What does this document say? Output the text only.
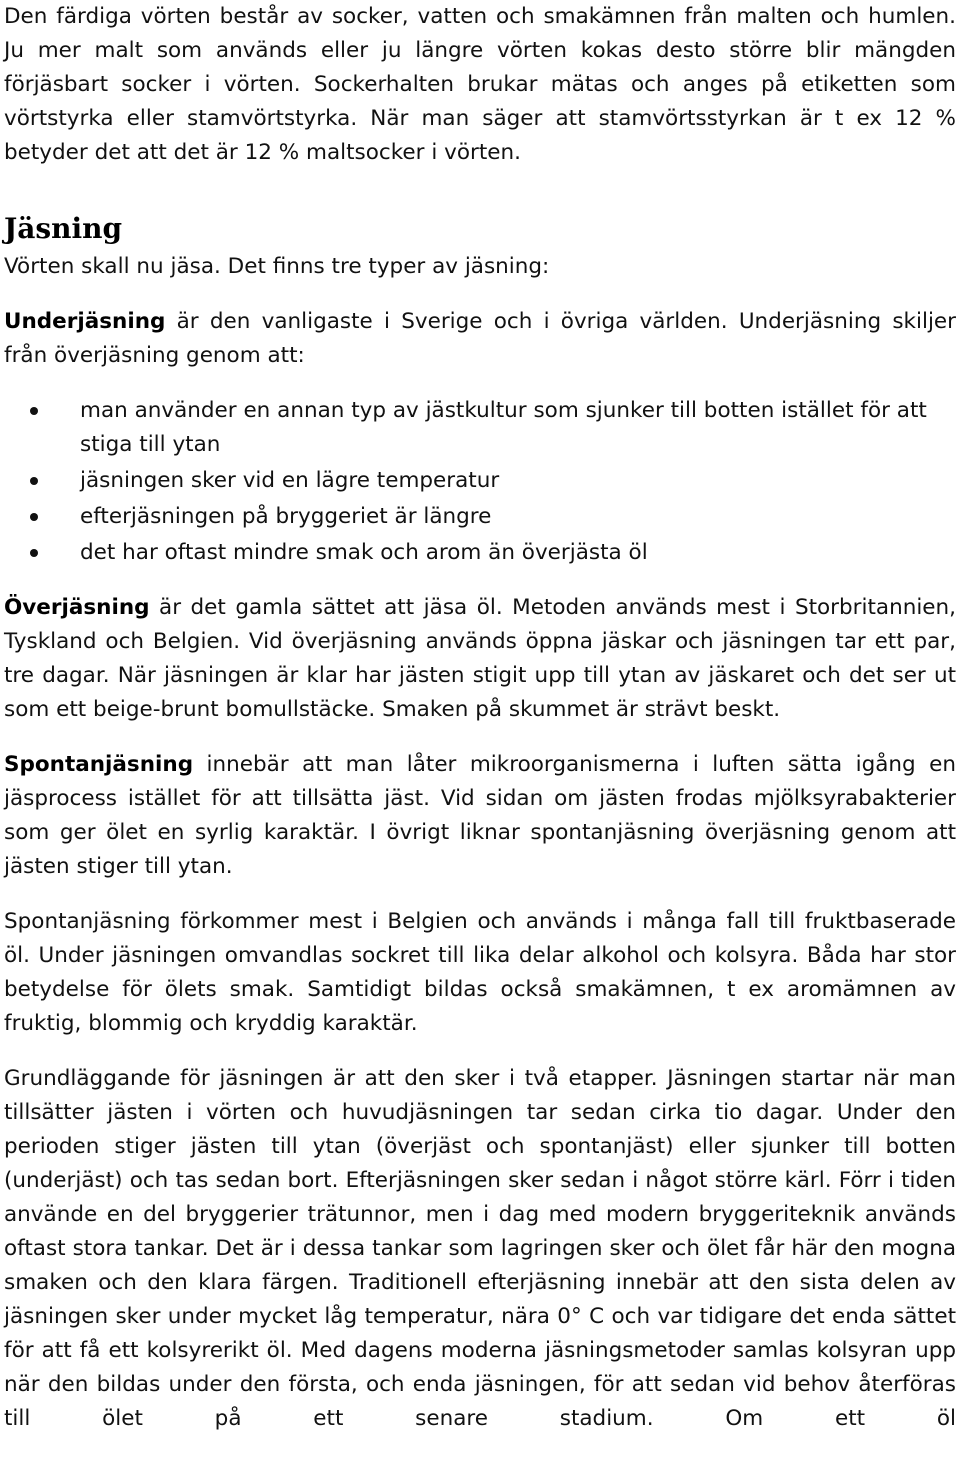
Den färdiga vörten består av socker, vatten och smakämnen från malten och humlen. Ju mer malt som används eller ju längre vörten kokas desto större blir mängden förjäsbart socker i vörten. Sockerhalten brukar mätas och anges på etiketten som vörtstyrka eller stamvörtstyrka. När man säger att stamvörtsstyrkan är t ex 12 % betyder det att det är 12 % maltsocker i vörten.

Jäsning

Vörten skall nu jäsa. Det finns tre typer av jäsning:

Underjäsning är den vanligaste i Sverige och i övriga världen. Underjäsning skiljer från överjäsning genom att:

man använder en annan typ av jästkultur som sjunker till botten istället för att stiga till ytan
jäsningen sker vid en lägre temperatur
efterjäsningen på bryggeriet är längre
det har oftast mindre smak och arom än överjästa öl

Överjäsning är det gamla sättet att jäsa öl. Metoden används mest i Storbritannien, Tyskland och Belgien. Vid överjäsning används öppna jäskar och jäsningen tar ett par, tre dagar. När jäsningen är klar har jästen stigit upp till ytan av jäskaret och det ser ut som ett beige-brunt bomullstäcke. Smaken på skummet är strävt beskt.

Spontanjäsning innebär att man låter mikroorganismerna i luften sätta igång en jäsprocess istället för att tillsätta jäst. Vid sidan om jästen frodas mjölksyrabakterier som ger ölet en syrlig karaktär. I övrigt liknar spontanjäsning överjäsning genom att jästen stiger till ytan.

Spontanjäsning förkommer mest i Belgien och används i många fall till fruktbaserade öl. Under jäsningen omvandlas sockret till lika delar alkohol och kolsyra. Båda har stor betydelse för ölets smak. Samtidigt bildas också smakämnen, t ex aromämnen av fruktig, blommig och kryddig karaktär.

Grundläggande för jäsningen är att den sker i två etapper. Jäsningen startar när man tillsätter jästen i vörten och huvudjäsningen tar sedan cirka tio dagar. Under den perioden stiger jästen till ytan (överjäst och spontanjäst) eller sjunker till botten (underjäst) och tas sedan bort. Efterjäsningen sker sedan i något större kärl. Förr i tiden använde en del bryggerier trätunnor, men i dag med modern bryggeriteknik används oftast stora tankar. Det är i dessa tankar som lagringen sker och ölet får här den mogna smaken och den klara färgen. Traditionell efterjäsning innebär att den sista delen av jäsningen sker under mycket låg temperatur, nära 0° C och var tidigare det enda sättet för att få ett kolsyrerikt öl. Med dagens moderna jäsningsmetoder samlas kolsyran upp när den bildas under den första, och enda jäsningen, för att sedan vid behov återföras till ölet på ett senare stadium. Om ett öl
